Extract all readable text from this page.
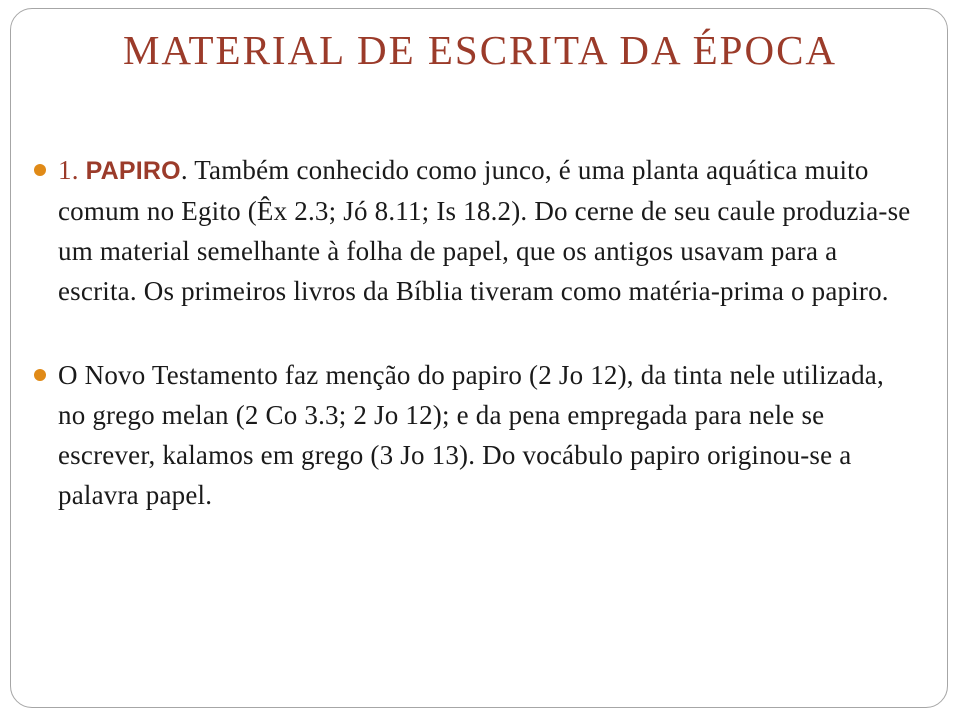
MATERIAL DE ESCRITA DA ÉPOCA
1. PAPIRO. Também conhecido como junco, é uma planta aquática muito comum no Egito (Êx 2.3; Jó 8.11; Is 18.2). Do cerne de seu caule produzia-se um material semelhante à folha de papel, que os antigos usavam para a escrita. Os primeiros livros da Bíblia tiveram como matéria-prima o papiro.
O Novo Testamento faz menção do papiro (2 Jo 12), da tinta nele utilizada, no grego melan (2 Co 3.3; 2 Jo 12); e da pena empregada para nele se escrever, kalamos em grego (3 Jo 13). Do vocábulo papiro originou-se a palavra papel.
